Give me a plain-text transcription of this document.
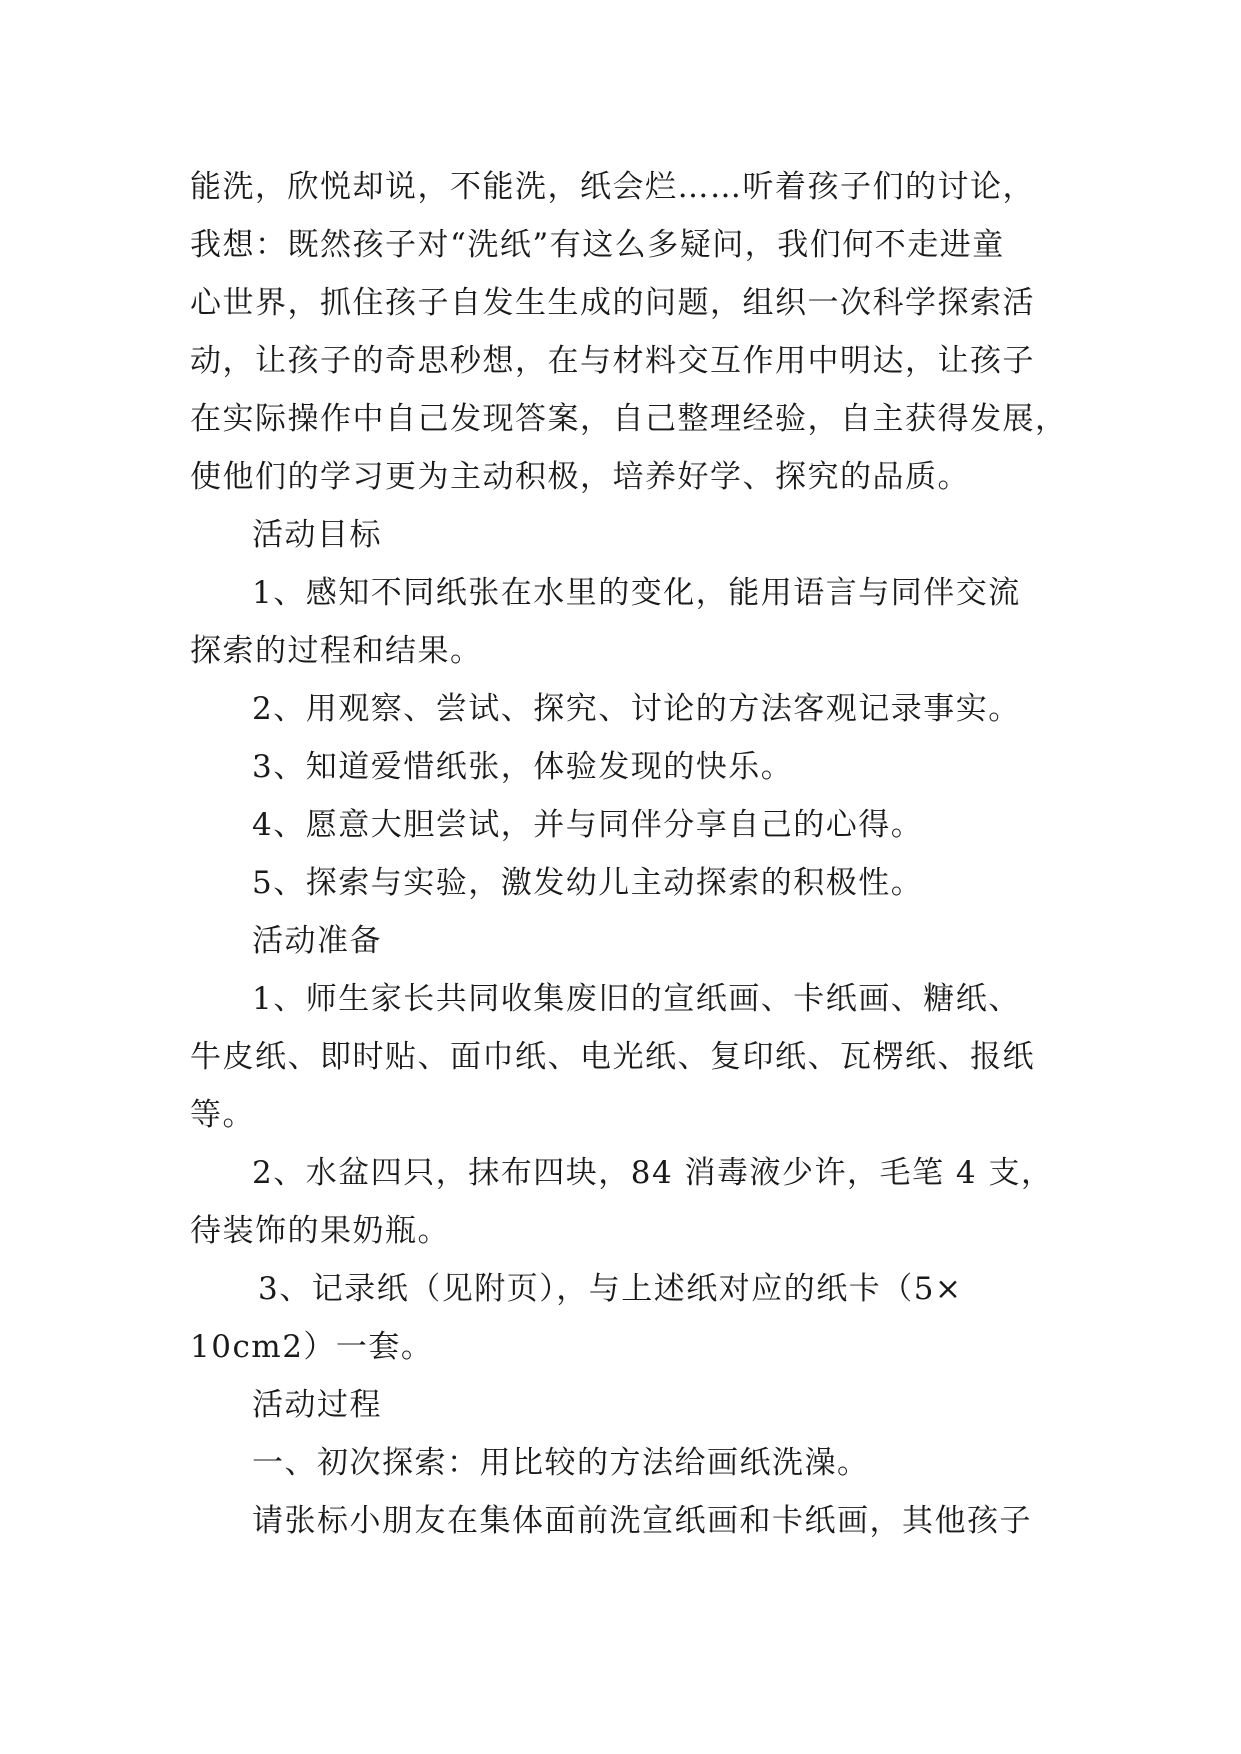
能洗，欣悦却说，不能洗，纸会烂……听着孩子们的讨论，
我想：既然孩子对“洗纸”有这么多疑问，我们何不走进童
心世界，抓住孩子自发生生成的问题，组织一次科学探索活
动，让孩子的奇思秒想，在与材料交互作用中明达，让孩子
在实际操作中自己发现答案，自己整理经验，自主获得发展，
使他们的学习更为主动积极，培养好学、探究的品质。
活动目标
1、感知不同纸张在水里的变化，能用语言与同伴交流
探索的过程和结果。
2、用观察、尝试、探究、讨论的方法客观记录事实。
3、知道爱惜纸张，体验发现的快乐。
4、愿意大胆尝试，并与同伴分享自己的心得。
5、探索与实验，激发幼儿主动探索的积极性。
活动准备
1、师生家长共同收集废旧的宣纸画、卡纸画、糖纸、
牛皮纸、即时贴、面巾纸、电光纸、复印纸、瓦楞纸、报纸
等。
2、水盆四只，抹布四块，84 消毒液少许，毛笔 4 支，
待装饰的果奶瓶。
3、记录纸（见附页），与上述纸对应的纸卡（5×
10cm2）一套。
活动过程
一、初次探索：用比较的方法给画纸洗澡。
请张标小朋友在集体面前洗宣纸画和卡纸画，其他孩子
